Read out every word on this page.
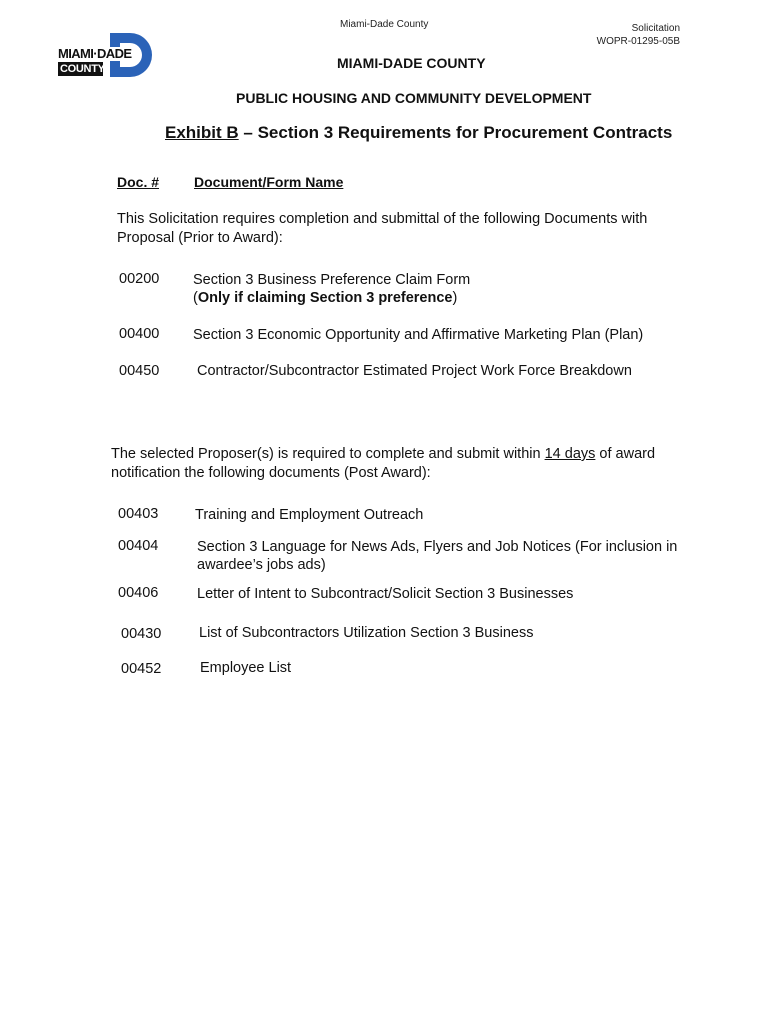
Miami-Dade County	Solicitation
WOPR-01295-05B
MIAMI·DADE
COUNTY	MIAMI-DADE COUNTY
PUBLIC HOUSING AND COMMUNITY DEVELOPMENT
Exhibit B – Section 3 Requirements for Procurement Contracts
Doc. # Document/Form Name
This Solicitation requires completion and submittal of the following Documents with
Proposal (Prior to Award):
00200 Section 3 Business Preference Claim Form
(Only if claiming Section 3 preference)
00400 Section 3 Economic Opportunity and Affirmative Marketing Plan (Plan)
00450	Contractor/Subcontractor Estimated Project Work Force Breakdown
The selected Proposer(s) is required to complete and submit within 14 days of award
notification the following documents (Post Award):
00403	Training and Employment Outreach
00404	Section 3 Language for News Ads, Flyers and Job Notices (For inclusion in
awardee’s jobs ads)
00406	Letter of Intent to Subcontract/Solicit Section 3 Businesses
00430	List of Subcontractors Utilization Section 3 Business
00452	Employee List
